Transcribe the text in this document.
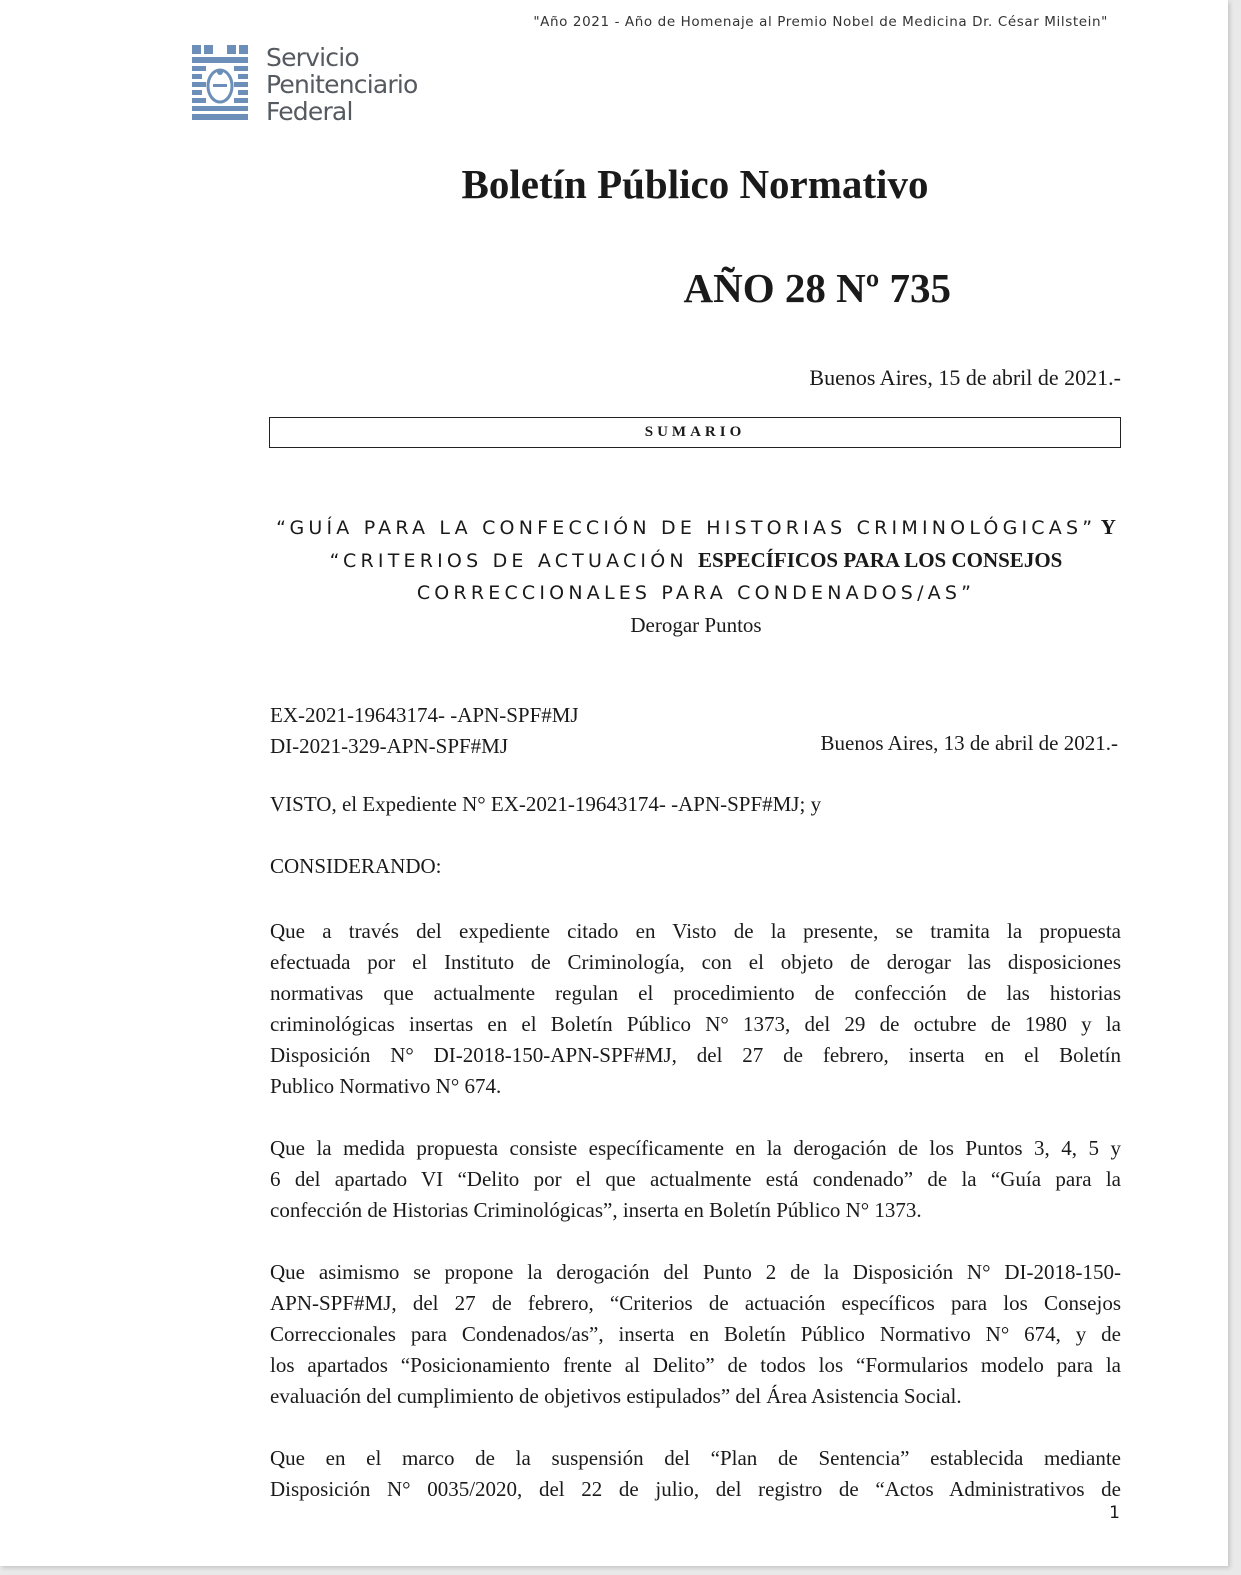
"Año 2021 - Año de Homenaje al Premio Nobel de Medicina Dr. César Milstein"
Servicio
Penitenciario
Federal
Boletín Público Normativo
AÑO 28 Nº 735
Buenos Aires, 15 de abril de 2021.-
SUMARIO
“GUÍA PARA LA CONFECCIÓN DE HISTORIAS CRIMINOLÓGICAS” Y
“CRITERIOS DE ACTUACIÓN ESPECÍFICOS PARA LOS CONSEJOS
CORRECCIONALES PARA CONDENADOS/AS”
Derogar Puntos
EX-2021-19643174- -APN-SPF#MJ
DI-2021-329-APN-SPF#MJ	Buenos Aires, 13 de abril de 2021.-
VISTO, el Expediente N° EX-2021-19643174- -APN-SPF#MJ; y
CONSIDERANDO:
Que a través del expediente citado en Visto de la presente, se tramita la propuesta
efectuada por el Instituto de Criminología, con el objeto de derogar las disposiciones
normativas que actualmente regulan el procedimiento de confección de las historias
criminológicas insertas en el Boletín Público N° 1373, del 29 de octubre de 1980 y la
Disposición N° DI-2018-150-APN-SPF#MJ, del 27 de febrero, inserta en el Boletín
Publico Normativo N° 674.
Que la medida propuesta consiste específicamente en la derogación de los Puntos 3, 4, 5 y
6 del apartado VI “Delito por el que actualmente está condenado” de la “Guía para la
confección de Historias Criminológicas”, inserta en Boletín Público N° 1373.
Que asimismo se propone la derogación del Punto 2 de la Disposición N° DI-2018-150-
APN-SPF#MJ, del 27 de febrero, “Criterios de actuación específicos para los Consejos
Correccionales para Condenados/as”, inserta en Boletín Público Normativo N° 674, y de
los apartados “Posicionamiento frente al Delito” de todos los “Formularios modelo para la
evaluación del cumplimiento de objetivos estipulados” del Área Asistencia Social.
Que en el marco de la suspensión del “Plan de Sentencia” establecida mediante
Disposición N° 0035/2020, del 22 de julio, del registro de “Actos Administrativos de
1
